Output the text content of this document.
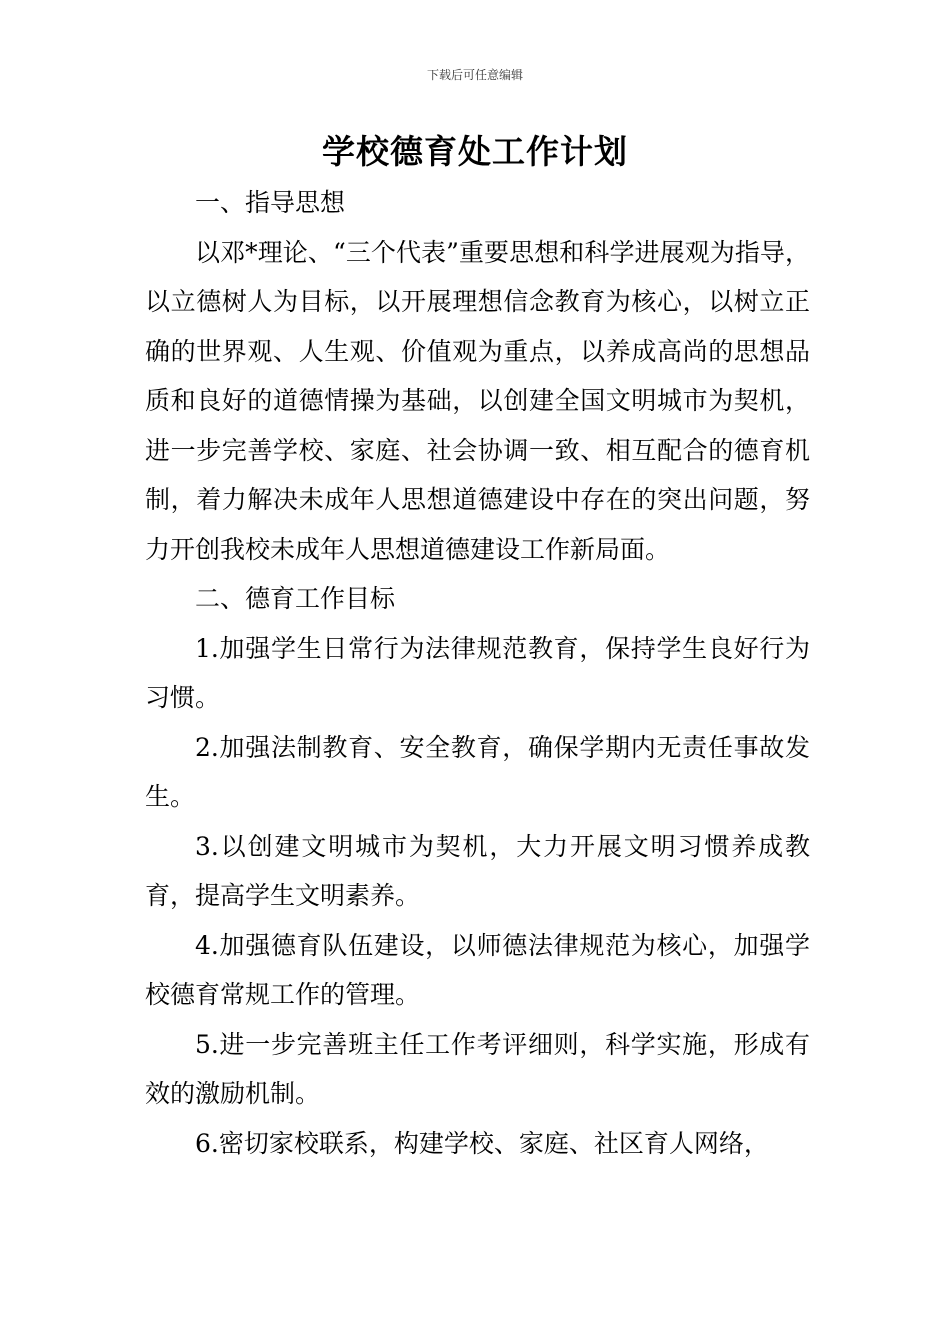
下载后可任意编辑
学校德育处工作计划

一、指导思想

以邓*理论、“三个代表”重要思想和科学进展观为指导，以立德树人为目标，以开展理想信念教育为核心，以树立正确的世界观、人生观、价值观为重点，以养成高尚的思想品质和良好的道德情操为基础，以创建全国文明城市为契机，进一步完善学校、家庭、社会协调一致、相互配合的德育机制，着力解决未成年人思想道德建设中存在的突出问题，努力开创我校未成年人思想道德建设工作新局面。

二、德育工作目标

1.加强学生日常行为法律规范教育，保持学生良好行为习惯。

2.加强法制教育、安全教育，确保学期内无责任事故发生。

3.以创建文明城市为契机，大力开展文明习惯养成教育，提高学生文明素养。

4.加强德育队伍建设，以师德法律规范为核心，加强学校德育常规工作的管理。

5.进一步完善班主任工作考评细则，科学实施，形成有效的激励机制。

6.密切家校联系，构建学校、家庭、社区育人网络，
